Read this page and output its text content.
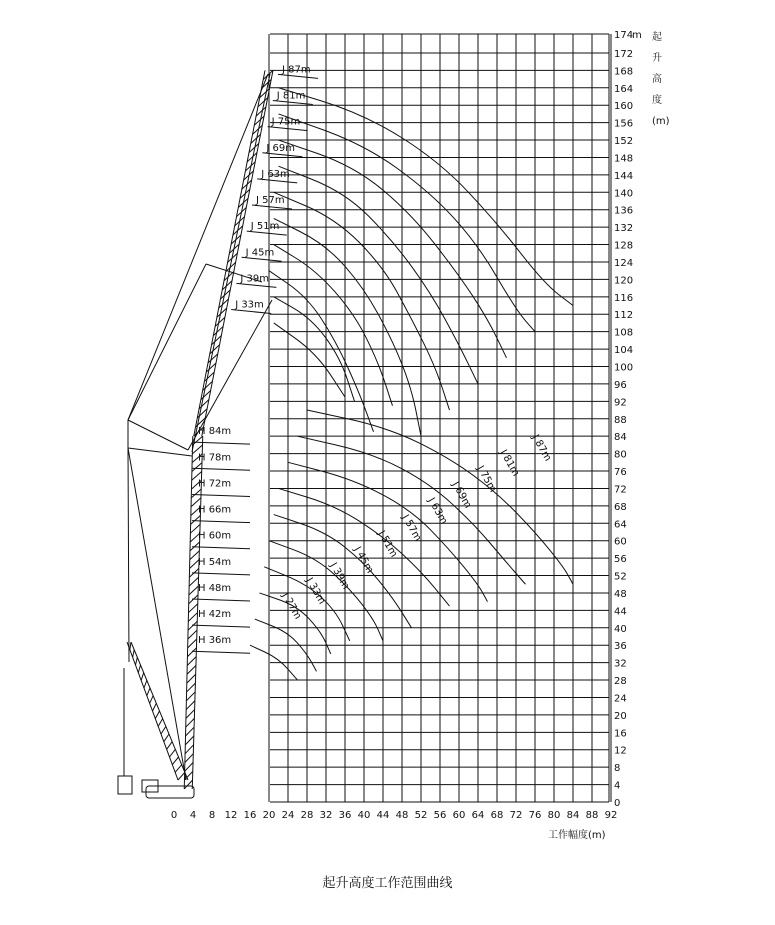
J 87m
J 81m
J 75m
J 69m
J 63m
J 57m
J 51m
J 45m
J 39m
J 33m
J 27m
0
4
8
12
16
20
24
28
32
36
40
44
48
52
56
60
64
68
72
76
80
84
88
92
96
100
104
108
112
116
120
124
128
132
136
140
144
148
152
156
160
164
168
172
174
m
0 4 8 12 16 20 24 28 32 36 40 44 48 52 56 60 64 68 72 76 80 84 88 92
起
升
高
度
(m)
H 84m
H 78m
H 72m
H 66m
H 60m
H 54m
H 48m
H 42m
H 36m
J 87m
J 81m
J 75m
J 69m
J 63m
J 57m
J 51m
J 45m
J 39m
J 33m
工作幅度(m)
起升高度工作范围曲线
